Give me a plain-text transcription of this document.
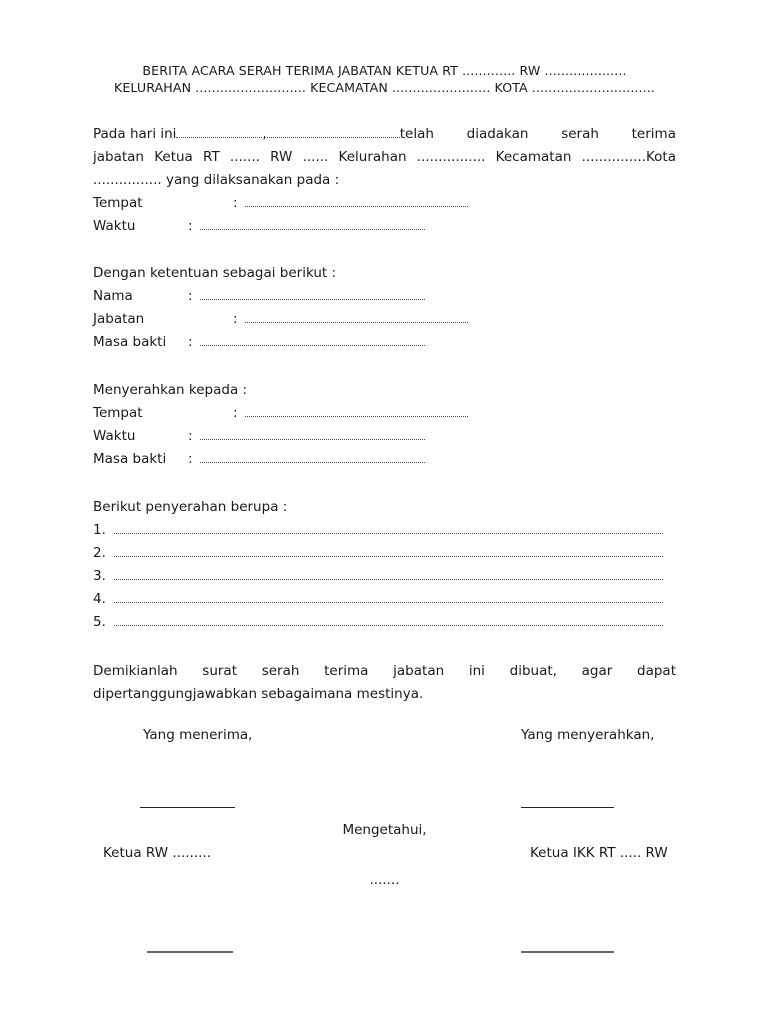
BERITA ACARA SERAH TERIMA JABATAN KETUA RT ............. RW ....................
KELURAHAN ........................... KECAMATAN ........................ KOTA ..............................
Pada hari ini	,	telah diadakan serah terima
jabatan Ketua RT ....... RW ...... Kelurahan ................ Kecamatan ...............Kota
................ yang dilaksanakan pada :
Tempat	:
Waktu	:
Dengan ketentuan sebagai berikut :
Nama	:
Jabatan	:
Masa bakti	:
Menyerahkan kepada :
Tempat	:
Waktu	:
Masa bakti	:
Berikut penyerahan berupa :
1.
2.
3.
4.
5.
Demikianlah surat serah terima jabatan ini dibuat, agar dapat
dipertanggungjawabkan sebagaimana mestinya.
Yang menerima,	Yang menyerahkan,
Mengetahui,
Ketua RW .........	Ketua IKK RT ..... RW
.......
